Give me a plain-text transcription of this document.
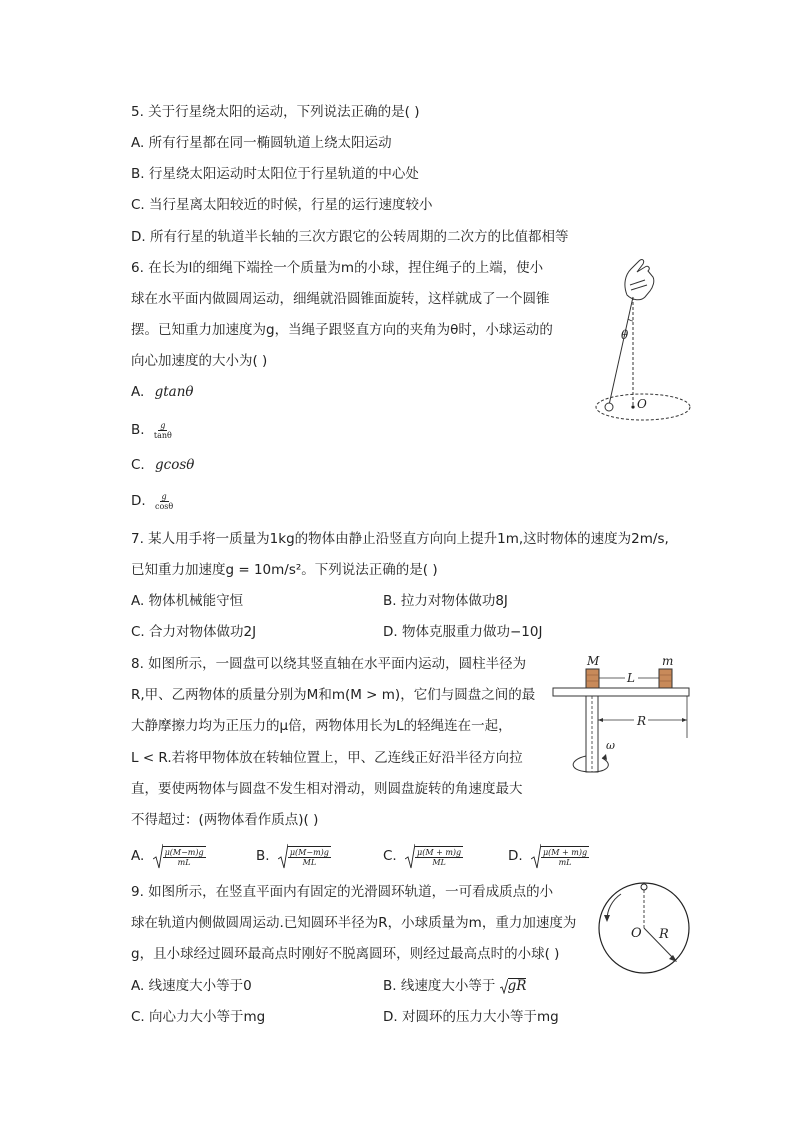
5. 关于行星绕太阳的运动，下列说法正确的是( )
A. 所有行星都在同一椭圆轨道上绕太阳运动
B. 行星绕太阳运动时太阳位于行星轨道的中心处
C. 当行星离太阳较近的时候，行星的运行速度较小
D. 所有行星的轨道半长轴的三次方跟它的公转周期的二次方的比值都相等
6. 在长为l的细绳下端拴一个质量为m的小球，捏住绳子的上端，使小
球在水平面内做圆周运动，细绳就沿圆锥面旋转，这样就成了一个圆锥
摆。已知重力加速度为g，当绳子跟竖直方向的夹角为θ时，小球运动的
向心加速度的大小为( )
A. gtanθ
B. $\frac{g}{\tan\theta}$
C. gcosθ
D. $\frac{g}{\cos\theta}$
θ
O
7. 某人用手将一质量为1kg的物体由静止沿竖直方向向上提升1m,这时物体的速度为2m/s,
已知重力加速度g = 10m/s²。下列说法正确的是( )
A. 物体机械能守恒	B. 拉力对物体做功8J
C. 合力对物体做功2J	D. 物体克服重力做功−10J
8. 如图所示，一圆盘可以绕其竖直轴在水平面内运动，圆柱半径为
R,甲、乙两物体的质量分别为M和m(M > m)，它们与圆盘之间的最
大静摩擦力均为正压力的μ倍，两物体用长为L的轻绳连在一起，
L < R.若将甲物体放在转轴位置上，甲、乙连线正好沿半径方向拉
直，要使两物体与圆盘不发生相对滑动，则圆盘旋转的角速度最大
不得超过：(两物体看作质点)( )
A. $\frac{\mu(M-m)g}{mL}$	B. $\frac{\mu(M-m)g}{ML}$	C. $\frac{\mu(M + m)g}{ML}$	D. $\frac{\mu(M + m)g}{mL}$
M	m
L
R
ω
9. 如图所示，在竖直平面内有固定的光滑圆环轨道，一可看成质点的小
球在轨道内侧做圆周运动.已知圆环半径为R，小球质量为m，重力加速度为
g，且小球经过圆环最高点时刚好不脱离圆环，则经过最高点时的小球( )
A. 线速度大小等于0	B. 线速度大小等于 gR
C. 向心力大小等于mg	D. 对圆环的压力大小等于mg
O R
